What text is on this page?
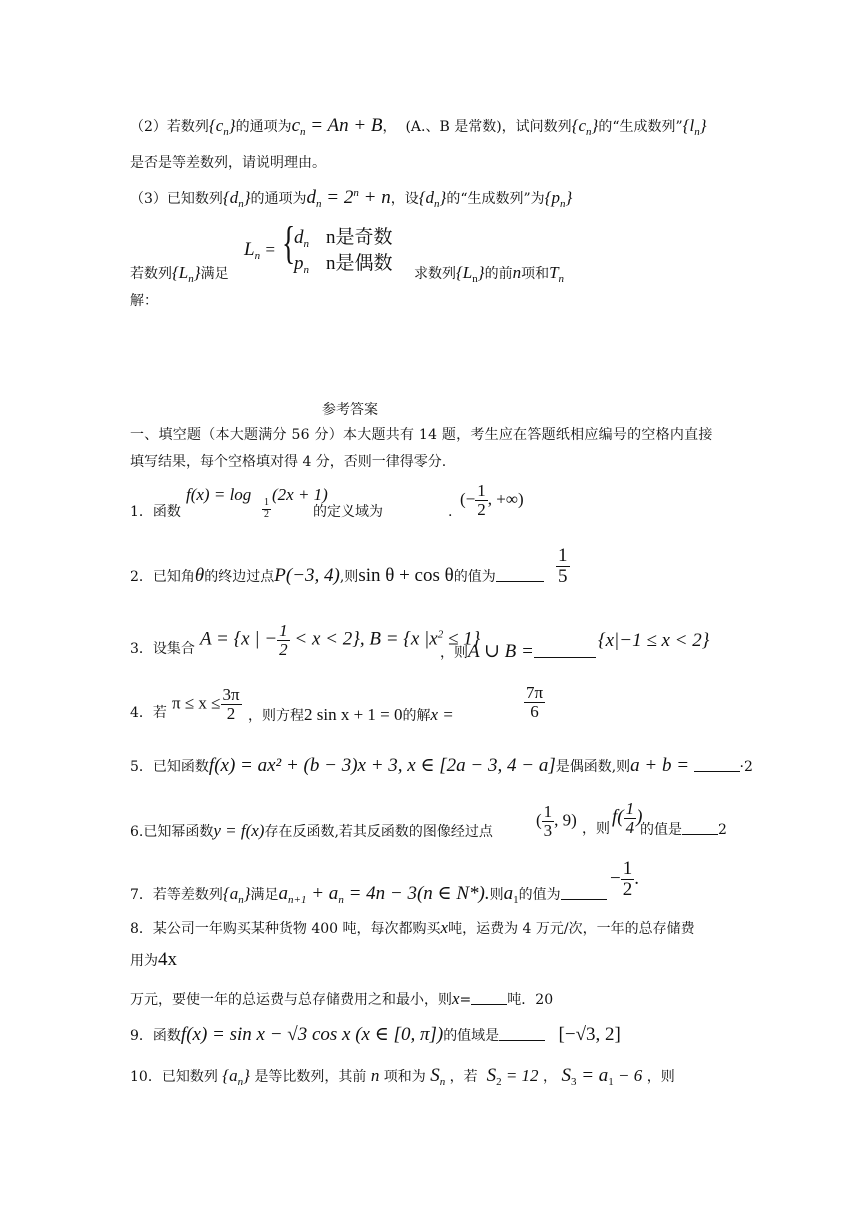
（2）若数列$\{c_n\}$的通项为$c_n = An + B$， (A.、B 是常数)，试问数列$\{c_n\}$的“生成数列$”\{l_n\}$
是否是等差数列，请说明理由。
（3）已知数列$\{d_n\}$的通项为$d_n = 2^n + n$，设$\{d_n\}$的“生成数列”为$\{p_n\}$
$L_n$ = {
$d_n$ n是奇数
$p_n$ n是偶数
若数列$\{L_n\}$满足	求数列$\{L_n\}$的前n项和$T_n$
解：
参考答案
一、填空题（本大题满分 56 分）本大题共有 14 题，考生应在答题纸相应编号的空格内直接
填写结果，每个空格填对得 4 分，否则一律得零分.
1．函数
f(x) = log
$\frac{1}{2}$
(2x + 1)
的定义域为	.
(− $\frac{1}{2}$ , +∞)
2．已知角θ的终边过点P(−3, 4),则sin θ + cos θ的值为	$\frac{1}{5}$
3．设集合 A = {x | − $\frac{1}{2} < x < 2$}, B = {x $|x^2 \le 1$}
，则A ∪ B =
{x|−1 ≤ x < 2}
4．若
$\pi \le x \le \frac{3\pi}{2}$ ，则方程2 sin x + 1 = 0的解x =	$\frac{7\pi}{6}$
5．已知函数f(x) = ax² + (b − 3)x + 3, x ∈ [2a − 3, 4 − a]是偶函数,则a + b =	·2
6.已知幂函数y = f(x)存在反函数,若其反函数的图像经过点
( $\frac{1}{3}$ , 9) ，则
$f( \frac{1}{4}$ )
的值是	2
7．若等差数列$\{a_n\}$满足$a_{n+1} + a_n = 4n - 3(n$ ∈ N*).则$a_1$的值为
− $\frac{1}{2}$ .
8．某公司一年购买某种货物 400 吨，每次都购买x吨，运费为 4 万元/次，一年的总存储费
用为4x
万元，要使一年的总运费与总存储费用之和最小，则x=	吨．20
9．函数f(x) = sin x − √3 cos x (x ∈ [0, π])的值域是	[−√3, 2]
10．已知数列 $\{a_n\}$ 是等比数列，其前 n 项和为 $S_n$ ，若 $S_2 = 12$ ， $S_3 = a_1 - 6$ ，则
